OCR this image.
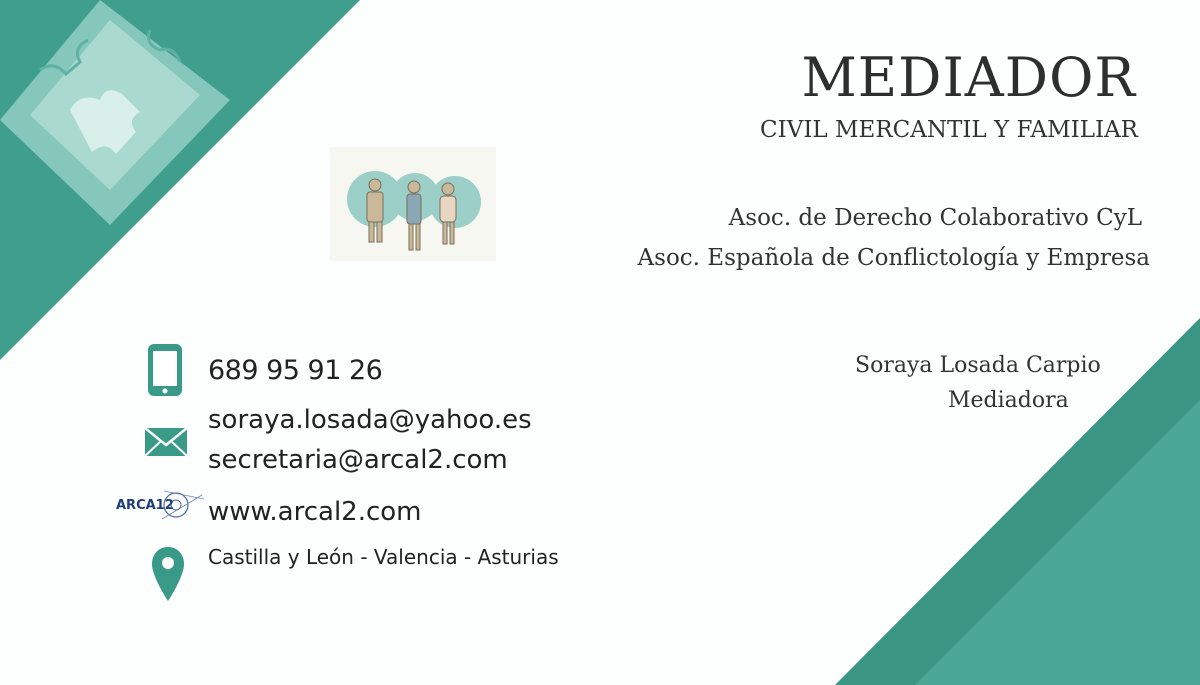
MEDIADOR
CIVIL MERCANTIL Y FAMILIAR
Asoc. de Derecho Colaborativo CyL
Asoc. Española de Conflictología y Empresa
Soraya Losada Carpio
Mediadora
689 95 91 26
soraya.losada@yahoo.es
secretaria@arcal2.com
ARCA12 www.arcal2.com
Castilla y León - Valencia - Asturias
